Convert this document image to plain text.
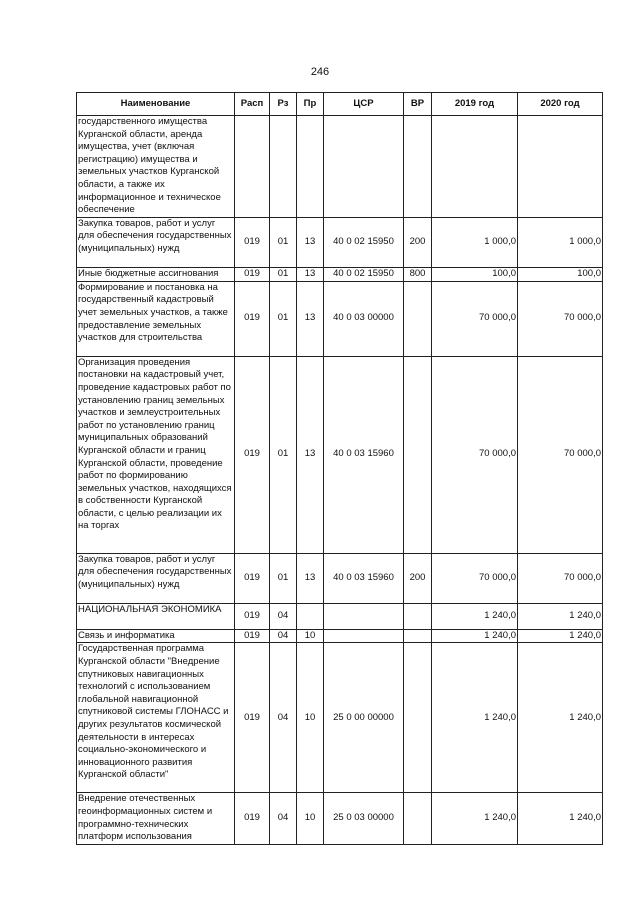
246
Наименование	Расп	Рз	Пр	ЦСР	ВР	2019 год	2020 год
государственного имущества Курганской области, аренда имущества, учет (включая регистрацию) имущества и земельных участков Курганской области, а также их информационное и техническое обеспечение							
Закупка товаров, работ и услуг для обеспечения государственных (муниципальных) нужд	019	01	13	40 0 02 15950	200	1 000,0	1 000,0
Иные бюджетные ассигнования	019	01	13	40 0 02 15950	800	100,0	100,0
Формирование и постановка на государственный кадастровый учет земельных участков, а также предоставление земельных участков для строительства	019	01	13	40 0 03 00000		70 000,0	70 000,0
Организация проведения постановки на кадастровый учет, проведение кадастровых работ по установлению границ земельных участков и землеустроительных работ по установлению границ муниципальных образований Курганской области и границ Курганской области, проведение работ по формированию земельных участков, находящихся в собственности Курганской области, с целью реализации их на торгах	019	01	13	40 0 03 15960		70 000,0	70 000,0
Закупка товаров, работ и услуг для обеспечения государственных (муниципальных) нужд	019	01	13	40 0 03 15960	200	70 000,0	70 000,0
НАЦИОНАЛЬНАЯ ЭКОНОМИКА	019	04				1 240,0	1 240,0
Связь и информатика	019	04	10			1 240,0	1 240,0
Государственная программа Курганской области "Внедрение спутниковых навигационных технологий с использованием глобальной навигационной спутниковой системы ГЛОНАСС и других результатов космической деятельности в интересах социально-экономического и инновационного развития Курганской области"	019	04	10	25 0 00 00000		1 240,0	1 240,0
Внедрение отечественных геоинформационных систем и программно-технических платформ использования	019	04	10	25 0 03 00000		1 240,0	1 240,0
